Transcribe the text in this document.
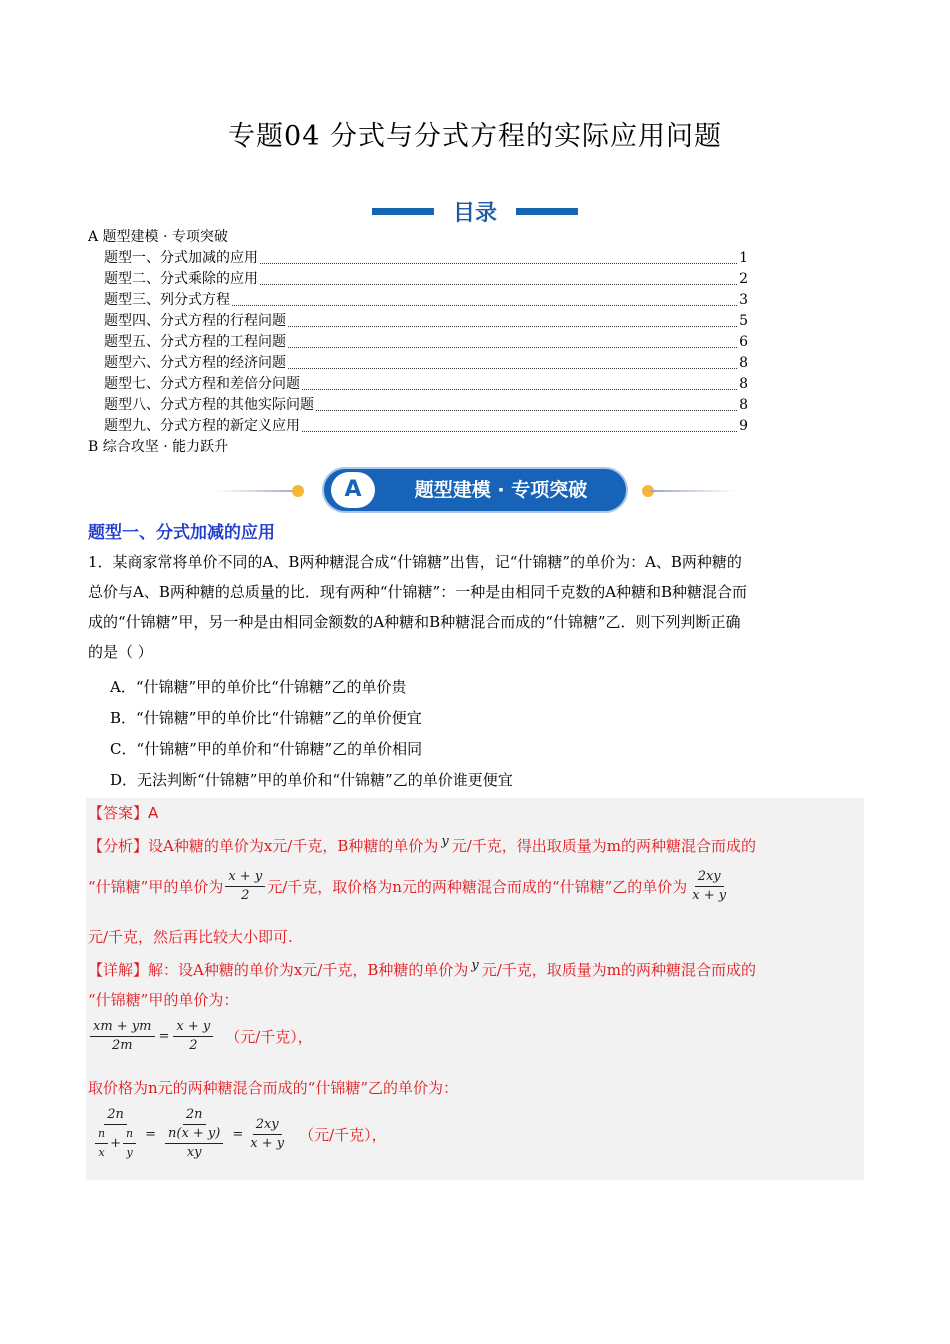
专题04 分式与分式方程的实际应用问题
目录
A 题型建模 · 专项突破
题型一、分式加减的应用	1
题型二、分式乘除的应用	2
题型三、列分式方程	3
题型四、分式方程的行程问题	5
题型五、分式方程的工程问题	6
题型六、分式方程的经济问题	8
题型七、分式方程和差倍分问题	8
题型八、分式方程的其他实际问题	8
题型九、分式方程的新定义应用	9
B 综合攻坚 · 能力跃升
A	题型建模 · 专项突破
题型一、分式加减的应用
1．某商家常将单价不同的A、B两种糖混合成“什锦糖”出售，记“什锦糖”的单价为：A、B两种糖的
总价与A、B两种糖的总质量的比．现有两种“什锦糖”：一种是由相同千克数的A种糖和B种糖混合而
成的“什锦糖”甲，另一种是由相同金额数的A种糖和B种糖混合而成的“什锦糖”乙．则下列判断正确
的是（ ）
A．“什锦糖”甲的单价比“什锦糖”乙的单价贵
B．“什锦糖”甲的单价比“什锦糖”乙的单价便宜
C．“什锦糖”甲的单价和“什锦糖”乙的单价相同
D．无法判断“什锦糖”甲的单价和“什锦糖”乙的单价谁更便宜
【答案】A
【分析】设A种糖的单价为x元/千克，B种糖的单价为 y 元/千克，得出取质量为m的两种糖混合而成的
“什锦糖”甲的单价为 $\frac{x + y}{2}$ 元/千克，取价格为n元的两种糖混合而成的“什锦糖”乙的单价为 $\frac{2xy}{x + y}$
元/千克，然后再比较大小即可.
【详解】解：设A种糖的单价为x元/千克，B种糖的单价为 y 元/千克，取质量为m的两种糖混合而成的
“什锦糖”甲的单价为：
$\frac{xm + ym}{2m} = \frac{x + y}{2}$ （元/千克），
取价格为n元的两种糖混合而成的“什锦糖”乙的单价为：
$\frac{2n}{\frac{n}{x} + \frac{n}{y}} = \frac{2n}{\frac{n(x + y)}{xy}} = \frac{2xy}{x + y}$ （元/千克），
